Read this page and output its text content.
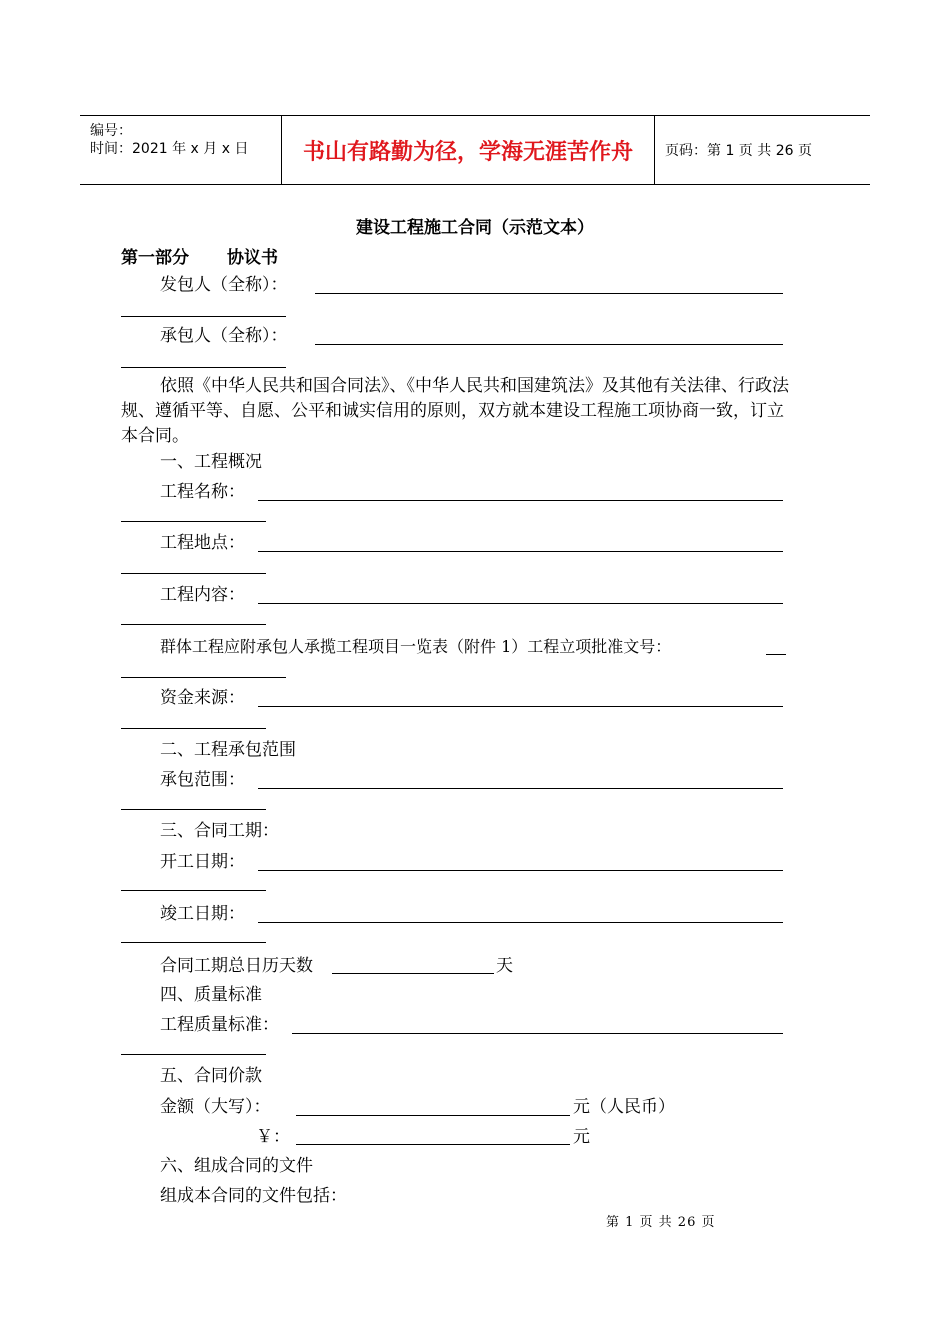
编号：
时间：2021 年 x 月 x 日	书山有路勤为径，学海无涯苦作舟	页码：第 1 页 共 26 页
建设工程施工合同（示范文本）
第一部分 协议书
发包人（全称）：
承包人（全称）：
依照《中华人民共和国合同法》、《中华人民共和国建筑法》及其他有关法律、行政法规、遵循平等、自愿、公平和诚实信用的原则，双方就本建设工程施工项协商一致，订立本合同。
一、工程概况
工程名称：
工程地点：
工程内容：
群体工程应附承包人承揽工程项目一览表（附件 1）工程立项批准文号：
资金来源：
二、工程承包范围
承包范围：
三、合同工期：
开工日期：
竣工日期：
合同工期总日历天数	天
四、质量标准
工程质量标准：
五、合同价款
金额（大写）：	元（人民币）
￥：	元
六、组成合同的文件
组成本合同的文件包括：
第 1 页 共 26 页
